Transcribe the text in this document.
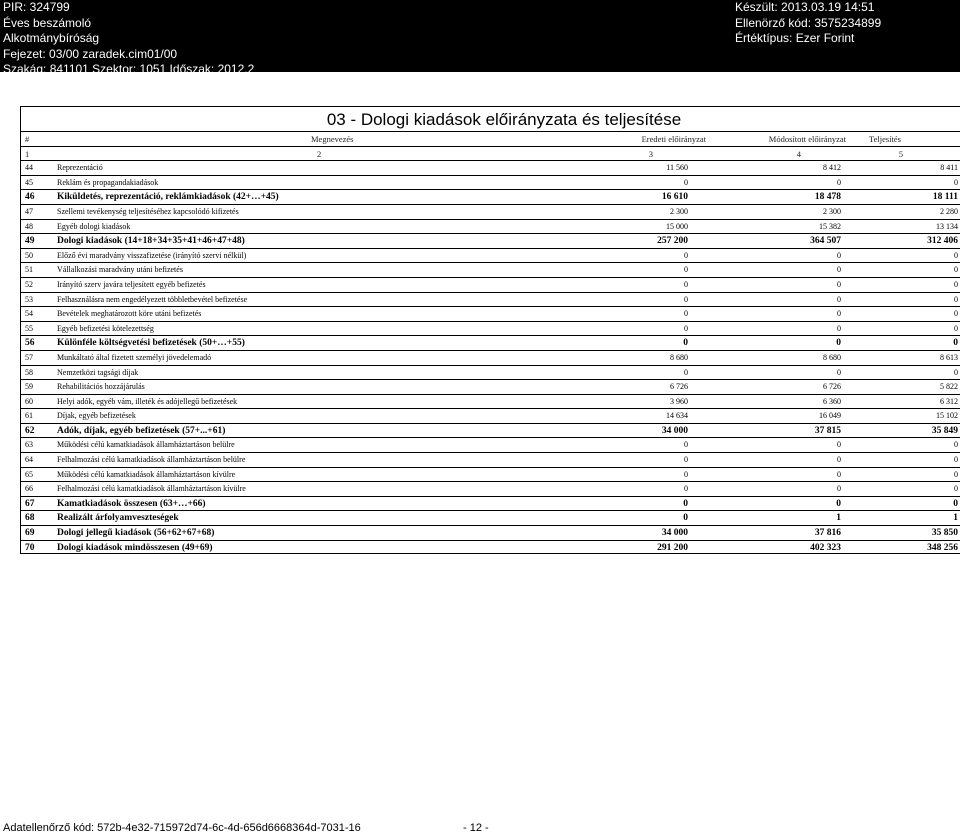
PIR: 324799
Éves beszámoló
Alkotmánybíróság
Fejezet: 03/00 zaradek.cim01/00
Szakág: 841101 Szektor: 1051 Időszak: 2012.2
Készült: 2013.03.19 14:51
Ellenörző kód: 3575234899
Értéktípus: Ezer Forint
03 - Dologi kiadások előirányzata és teljesítése
#	Megnevezés	Eredeti előirányzat	Módosított előirányzat	Teljesítés
1	2	3	4	5
44	Reprezentáció	11 560	8 412	8 411
45	Reklám és propagandakiadások	0	0	0
46	Kiküldetés, reprezentáció, reklámkiadások (42+…+45)	16 610	18 478	18 111
47	Szellemi tevékenység teljesítéséhez kapcsolódó kifizetés	2 300	2 300	2 280
48	Egyéb dologi kiadások	15 000	15 382	13 134
49	Dologi kiadások (14+18+34+35+41+46+47+48)	257 200	364 507	312 406
50	Előző évi maradvány visszafizetése (irányító szervi nélkül)	0	0	0
51	Vállalkozási maradvány utáni befizetés	0	0	0
52	Irányító szerv javára teljesített egyéb befizetés	0	0	0
53	Felhasználásra nem engedélyezett többletbevétel befizetése	0	0	0
54	Bevételek meghatározott köre utáni befizetés	0	0	0
55	Egyéb befizetési kötelezettség	0	0	0
56	Különféle költségvetési befizetések (50+…+55)	0	0	0
57	Munkáltató által fizetett személyi jövedelemadó	8 680	8 680	8 613
58	Nemzetközi tagsági díjak	0	0	0
59	Rehabilitációs hozzájárulás	6 726	6 726	5 822
60	Helyi adók, egyéb vám, illeték és adójellegű befizetések	3 960	6 360	6 312
61	Díjak, egyéb befizetések	14 634	16 049	15 102
62	Adók, díjak, egyéb befizetések (57+...+61)	34 000	37 815	35 849
63	Működési célú kamatkiadások államháztartáson belülre	0	0	0
64	Felhalmozási célú kamatkiadások államháztartáson belülre	0	0	0
65	Működési célú kamatkiadások államháztartáson kívülre	0	0	0
66	Felhalmozási célú kamatkiadások államháztartáson kívülre	0	0	0
67	Kamatkiadások összesen (63+…+66)	0	0	0
68	Realizált árfolyamveszteségek	0	1	1
69	Dologi jellegű kiadások (56+62+67+68)	34 000	37 816	35 850
70	Dologi kiadások mindösszesen (49+69)	291 200	402 323	348 256
Adatellenőrző kód: 572b-4e32-715972d74-6c-4d-656d6668364d-7031-16	- 12 -
